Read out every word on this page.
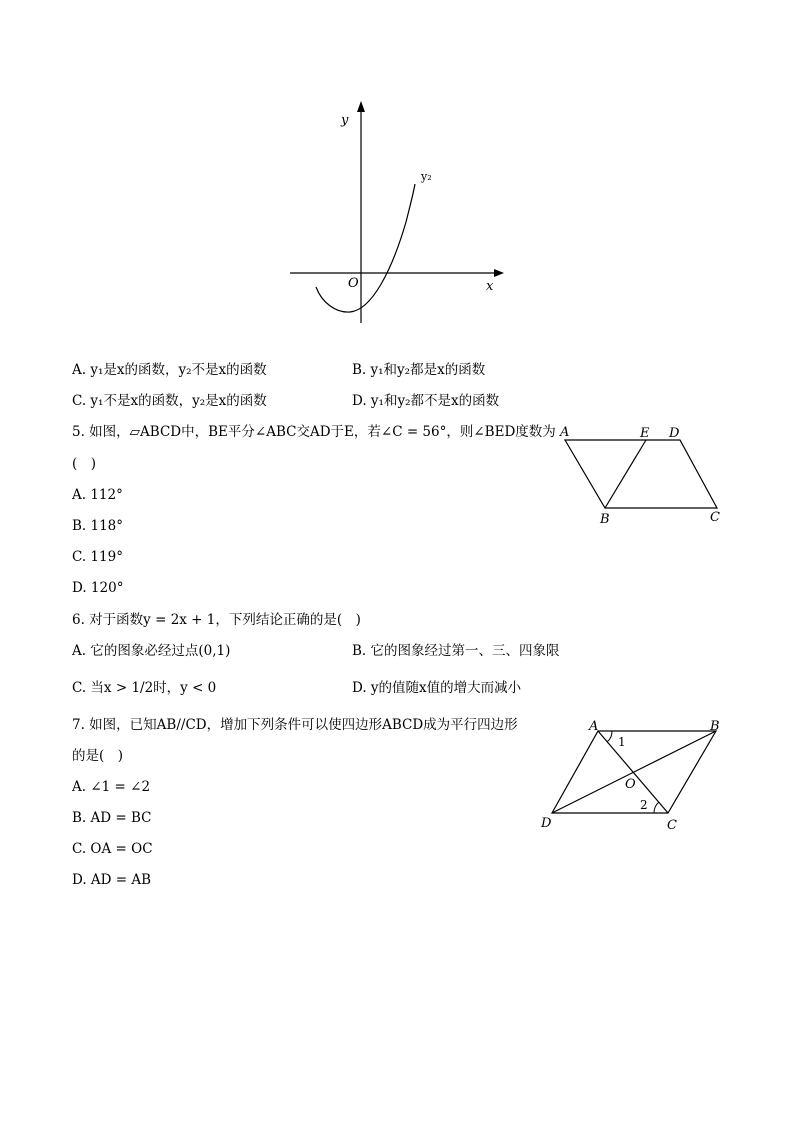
y
x
O
y₂
A	E D
B	C
A	B
C
D
O
1
2
A. y₁是x的函数，y₂不是x的函数	B. y₁和y₂都是x的函数
C. y₁不是x的函数，y₂是x的函数	D. y₁和y₂都不是x的函数
5. 如图，▱ABCD中，BE平分∠ABC交AD于E，若∠C = 56°，则∠BED度数为
(　)
A. 112°
B. 118°
C. 119°
D. 120°
6. 对于函数y = 2x + 1，下列结论正确的是(　)
A. 它的图象必经过点(0,1)	B. 它的图象经过第一、三、四象限
C. 当x > 1/2时，y < 0	D. y的值随x值的增大而减小
7. 如图，已知AB//CD，增加下列条件可以使四边形ABCD成为平行四边形
的是(　)
A. ∠1 = ∠2
B. AD = BC
C. OA = OC
D. AD = AB
